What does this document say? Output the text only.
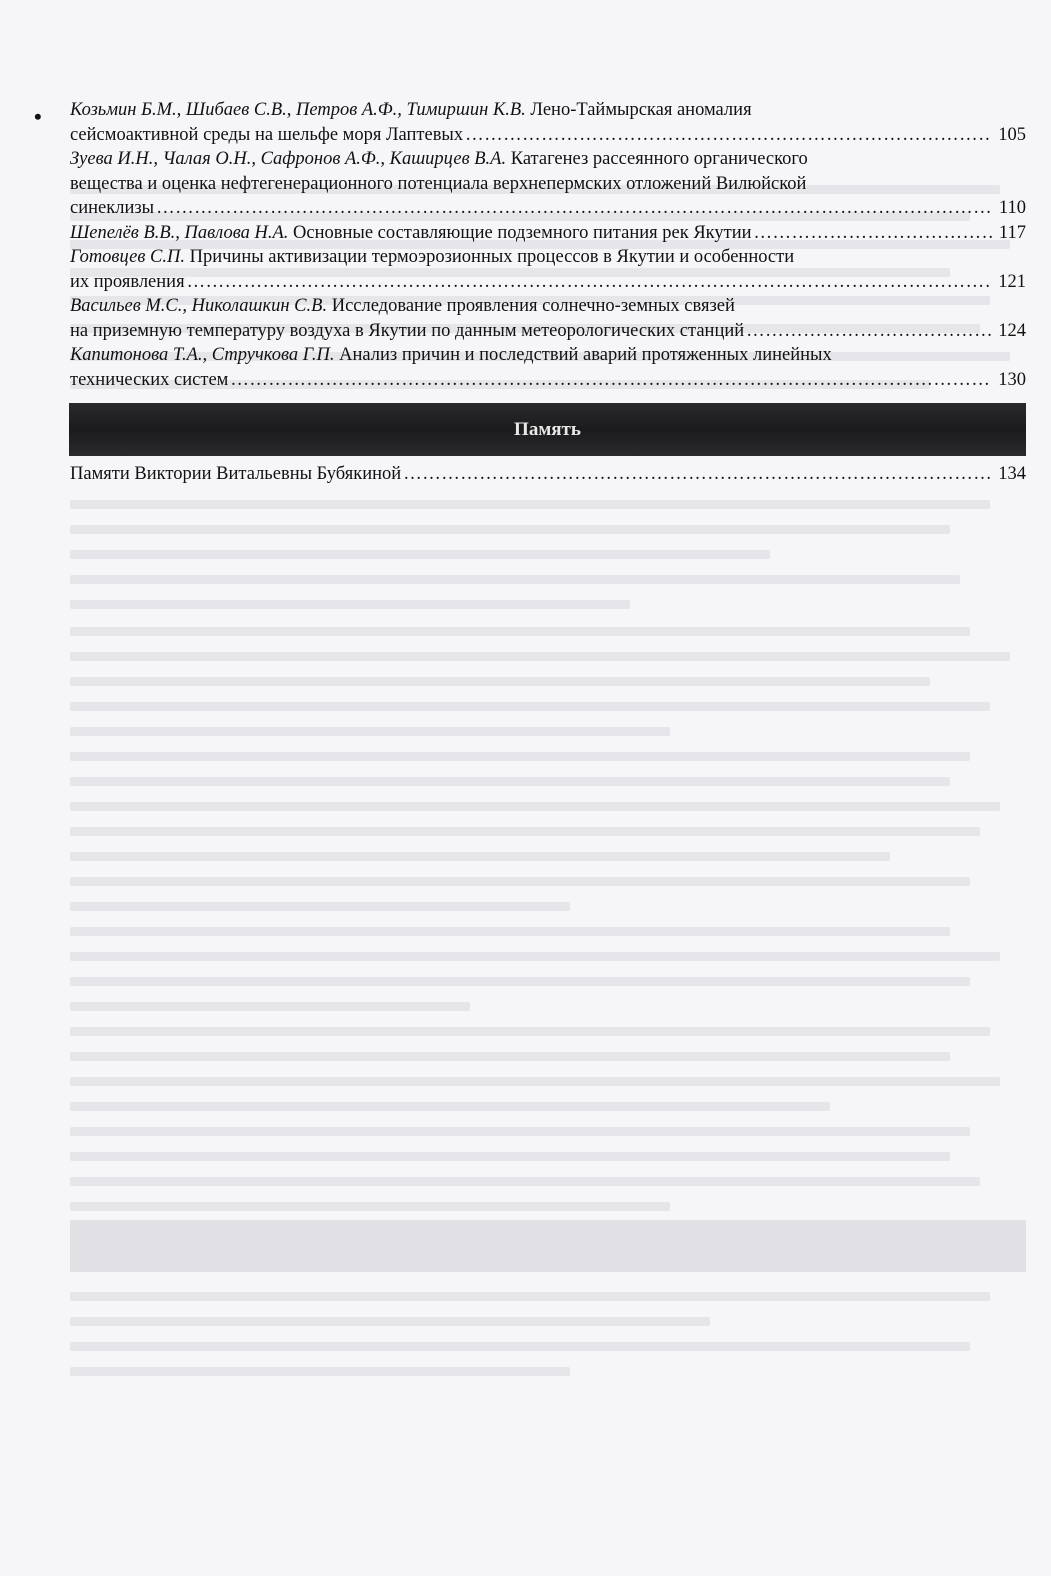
• Козьмин Б.М., Шибаев С.В., Петров А.Ф., Тимиршин К.В. Лено-Таймырская аномалия
сейсмоактивной среды на шельфе моря Лаптевых …………………………………………………………………………………………………………………………………………………………………………………………………………………………………………………………………………………	105
Зуева И.Н., Чалая О.Н., Сафронов А.Ф., Каширцев В.А. Катагенез рассеянного органического
вещества и оценка нефтегенерационного потенциала верхнепермских отложений Вилюйской
синеклизы …………………………………………………………………………………………………………………………………………………………………………………………………………………………………………………………………………………	110
Шепелёв В.В., Павлова Н.А. Основные составляющие подземного питания рек Якутии …………………………………………………………………………………………………………………………………………………………………………………………………………………………………………………………………………………	117
Готовцев С.П. Причины активизации термоэрозионных процессов в Якутии и особенности
их проявления …………………………………………………………………………………………………………………………………………………………………………………………………………………………………………………………………………………	121
Васильев М.С., Николашкин С.В. Исследование проявления солнечно-земных связей
на приземную температуру воздуха в Якутии по данным метеорологических станций …………………………………………………………………………………………………………………………………………………………………………………………………………………………………………………………………………………	124
Капитонова Т.А., Стручкова Г.П. Анализ причин и последствий аварий протяженных линейных
технических систем …………………………………………………………………………………………………………………………………………………………………………………………………………………………………………………………………………………	130
Память
Памяти Виктории Витальевны Бубякиной …………………………………………………………………………………………………………………………………………………………………………………………………………………………………………………………………………………	134
